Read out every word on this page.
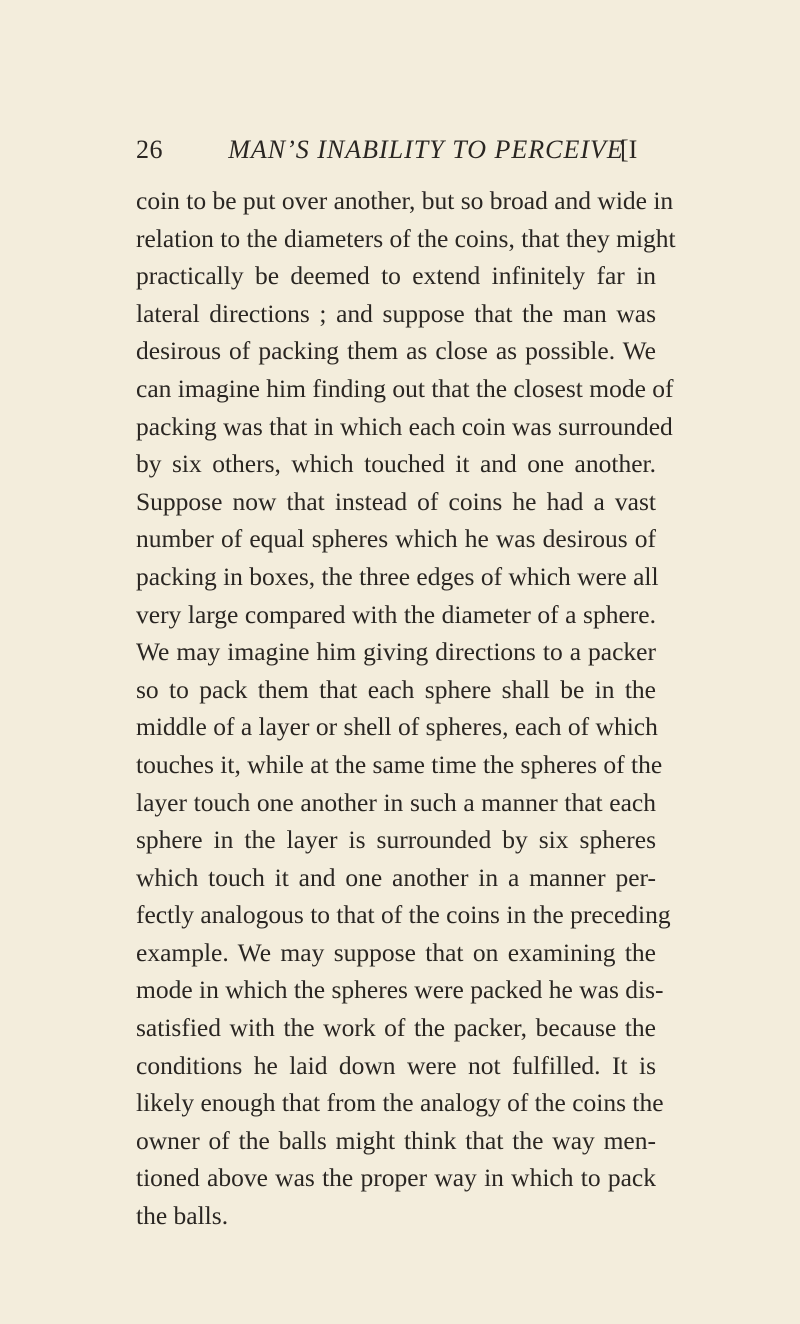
26	MAN’S INABILITY TO PERCEIVE
[I
coin to be put over another, but so broad and wide in
relation to the diameters of the coins, that they might
practically be deemed to extend infinitely far in
lateral directions ; and suppose that the man was
desirous of packing them as close as possible. We
can imagine him finding out that the closest mode of
packing was that in which each coin was surrounded
by six others, which touched it and one another.
Suppose now that instead of coins he had a vast
number of equal spheres which he was desirous of
packing in boxes, the three edges of which were all
very large compared with the diameter of a sphere.
We may imagine him giving directions to a packer
so to pack them that each sphere shall be in the
middle of a layer or shell of spheres, each of which
touches it, while at the same time the spheres of the
layer touch one another in such a manner that each
sphere in the layer is surrounded by six spheres
which touch it and one another in a manner per-
fectly analogous to that of the coins in the preceding
example. We may suppose that on examining the
mode in which the spheres were packed he was dis-
satisfied with the work of the packer, because the
conditions he laid down were not fulfilled. It is
likely enough that from the analogy of the coins the
owner of the balls might think that the way men-
tioned above was the proper way in which to pack
the balls.
